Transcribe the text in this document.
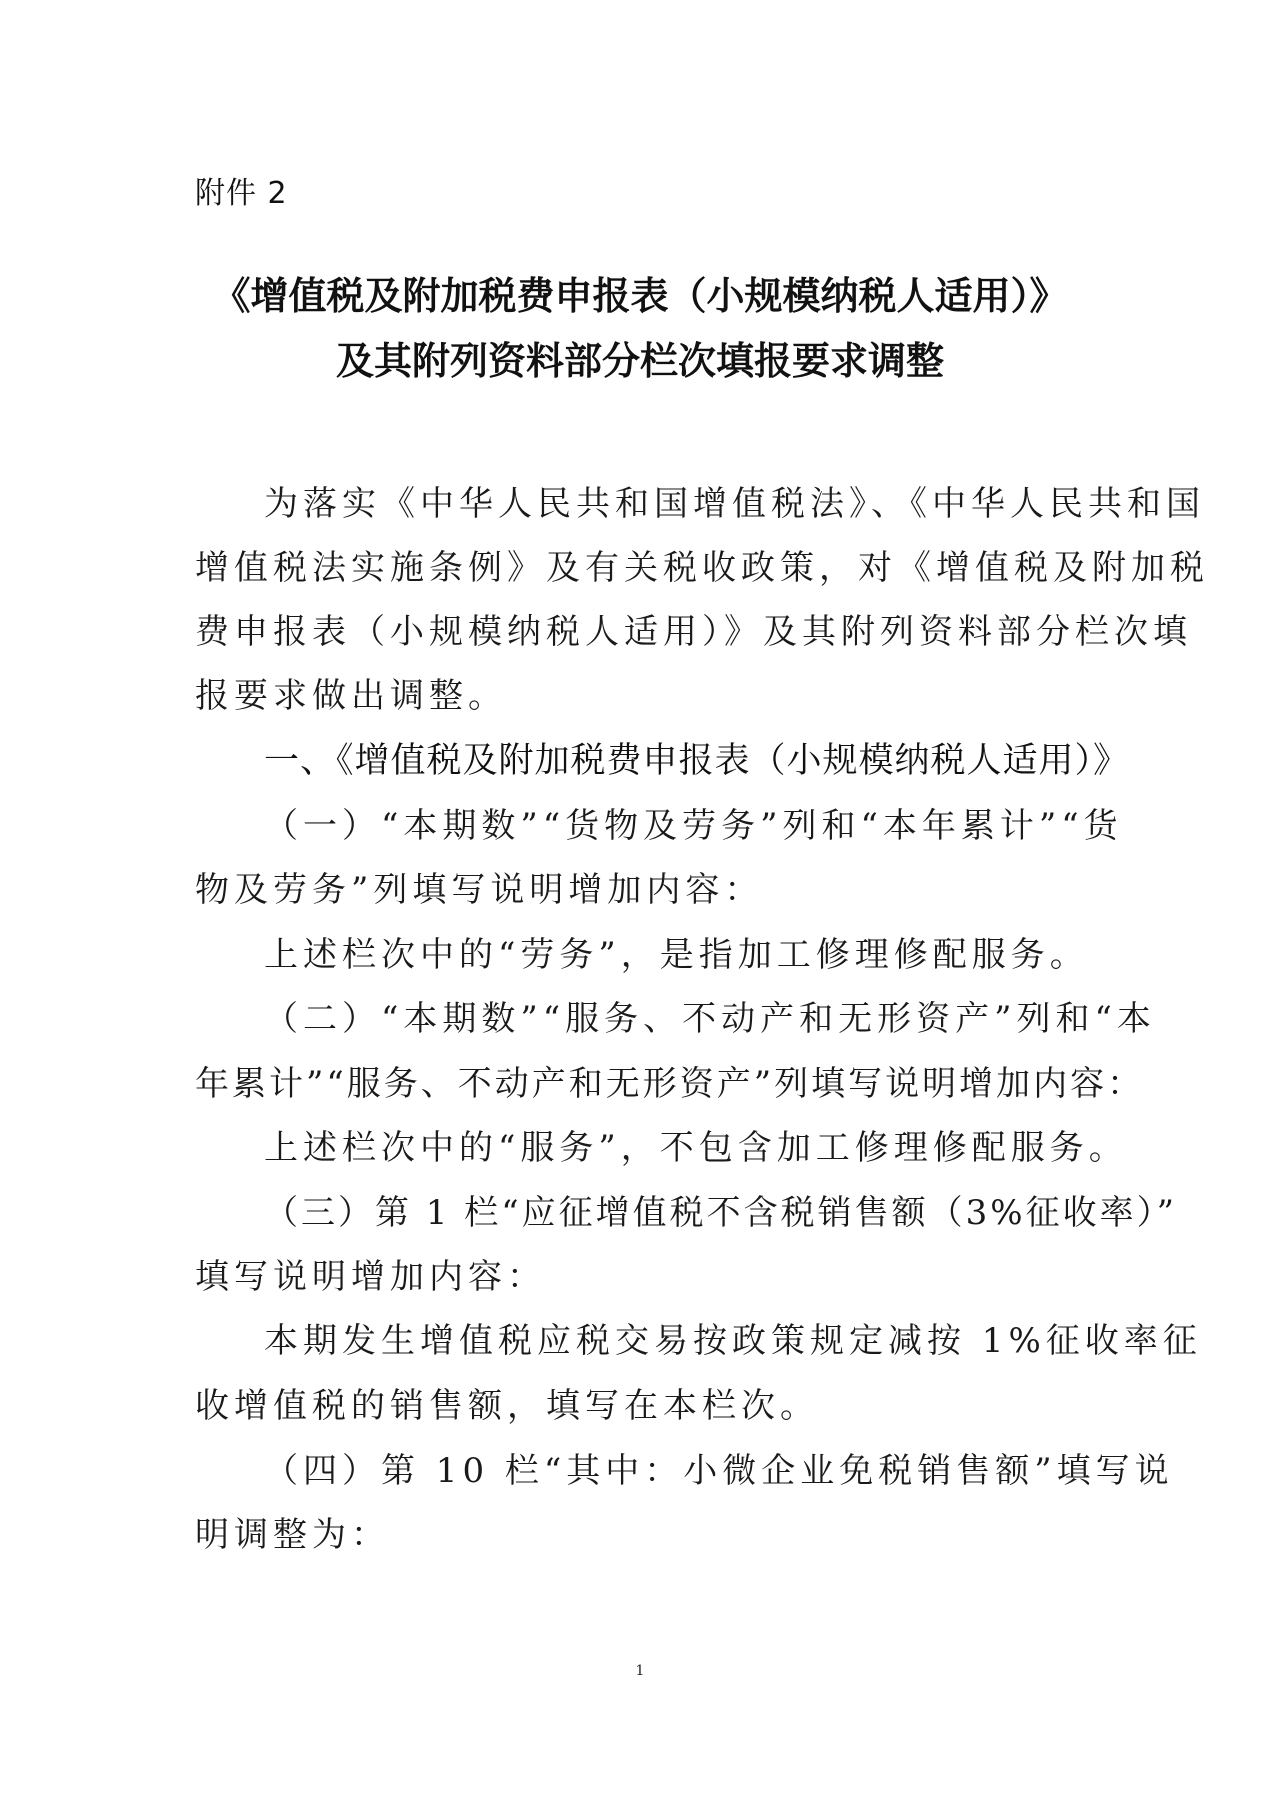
附件 2
《增值税及附加税费申报表（小规模纳税人适用）》
及其附列资料部分栏次填报要求调整
为落实《中华人民共和国增值税法》、《中华人民共和国
增值税法实施条例》及有关税收政策，对《增值税及附加税
费申报表（小规模纳税人适用）》及其附列资料部分栏次填
报要求做出调整。
一、《增值税及附加税费申报表（小规模纳税人适用）》
（一）“本期数”“货物及劳务”列和“本年累计”“货
物及劳务”列填写说明增加内容：
上述栏次中的“劳务”，是指加工修理修配服务。
（二）“本期数”“服务、不动产和无形资产”列和“本
年累计”“服务、不动产和无形资产”列填写说明增加内容：
上述栏次中的“服务”，不包含加工修理修配服务。
（三）第 1 栏“应征增值税不含税销售额（3%征收率）”
填写说明增加内容：
本期发生增值税应税交易按政策规定减按 1%征收率征
收增值税的销售额，填写在本栏次。
（四）第 10 栏“其中：小微企业免税销售额”填写说
明调整为：
1
